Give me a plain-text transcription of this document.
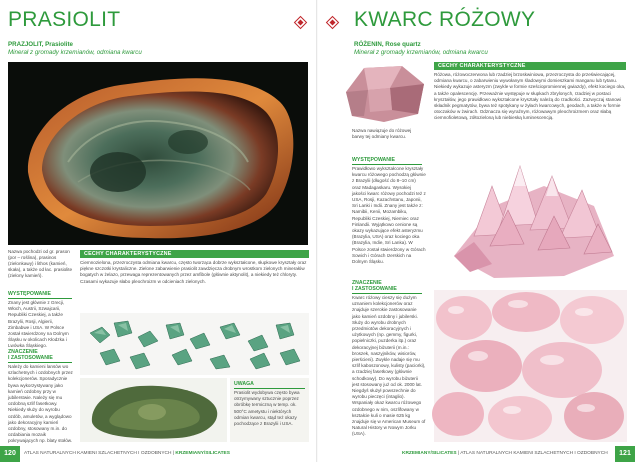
PRASIOLIT
PRAZJOLIT, Prasiolite
Minerał z gromady krzemianów, odmiana kwarcu
Nazwa pochodzi od gr. prason (por – roślina), prasinos (zielonkawy) i lithos (kamień, skała), a także od łac. prasiolite (zielony kamień).
WYSTĘPOWANIE
Znany jest głównie z Grecji, Włoch, Austrii, Szwajcarii, Republiki Czeskiej, a także Brazylii, Rosji, Algierii, Zimbabwe i USA. W Polsce został stwierdzony na Dolnym Śląsku w okolicach Kłodzka i Lwówka Śląskiego.
ZNACZENIE
I ZASTOSOWANIE
Należy do kamieni lansów wo szlachetnych i ozdobnych przez kolekcjonerów. Sporadycznie bywa wykorzystywany jako kamień ozdobny przy w jubilerstwie. Należy się mu ozdobną szlif fasetkowy. Niekiedy służy do wyrobu ozdób, amuletów, a wyglądowo jako dekoracyjny kamień ozdobny, stosowany m.in. do ozdabiania mozaik pokrywających np. blaty stołów.
CECHY CHARAKTERYSTYCZNE
Ciemnozielona, przezroczysta odmiana kwarcu, często tworząca dobrze wykształcone, słupkowe kryształy oraz piękne szczotki krystaliczne. Zielone zabarwienie prasiolit zawdzięcza drobnym wrostkom zielonych minerałów bogatych w żelazo, przewaga reprezentowanych przez amfibole (głównie aktynolit), a niekiedy też chloryty. Czasami wykazuje słabo pleochroizm w odcieniach zielonych.
UWAGA
Prasiolit wydobywa często bywa otrzymywany sztucznie poprzez obróbkę termiczną w temp. ok. 500°C ametystu i niektórych odmian kwarcu, stąd też okazy pochodzące z Brazylii i USA.
120	ATLAS NATURALNYCH KAMIENI SZLACHETNYCH I OZDOBNYCH | KRZEMIANY/SILICATES
KWARC RÓŻOWY
RÓŻENIN, Rose quartz
Minerał z gromady krzemianów, odmiana kwarcu
Nazwa nawiązuje do różowej barwy tej odmiany kwarcu.
CECHY CHARAKTERYSTYCZNE
Różowa, różowoczerwona lub rzadziej brzoskwiniowa, przezroczysta do przeświecającej, odmiana kwarcu, o zabarwieniu wywołanym śladowymi domieszkami manganu lub tytanu. Niekiedy wykazuje asteryzm (zwykle w formie sześciopromiennej gwiazdy), efekt kociego oka, a także opalescencję. Przeważnie występuje w słupkach zbrylonych, rzadziej w postaci kryształów, jego prawidłowo wykształcone kryształy należą do rzadkości. Zazwyczaj stanowi składnik pegmatytów, bywa też spotykany w żyłach kwarcowych, geodach, a także w formie otoczaków w żwirach. Odznacza się wyraźnym, różowawym pleochroizmem oraz słabą ciemnofioletową, zółtozieloną lub niebieską luminescencją.
WYSTĘPOWANIE
Prawidłowo wykształcone kryształy kwarcu różowego pochodzą głównie z Brazylii (długość do 8–10 cm) oraz Madagaskaru. Wysokiej jakości kwarc różowy pochodzi też z USA, Rosji, Kazachstanu, Japonii, Sri Lanki i Indii. Znany jest także z: Namibii, Kenii, Mozambiku, Republiki Czeskiej, Niemiec oraz Finlandii. Wyjątkowo cenione są okazy wykazujące efekt asteryzmu (Brazylia, USA) oraz kociego oka (Brazylia, Indie, Sri Lanka). W Polsce został stwierdzony w Górach Sowich i Górach Izerskich na Dolnym Śląsku.
ZNACZENIE
I ZASTOSOWANIE
Kwarc różowy cieszy się dużym uznaniem kolekcjonerów oraz znajduje szerokie zastosowanie jako kamień ozdobny i jubilerski. Służy do wyrobu drobnych przedmiotów dekoracyjnych i użytkowych (np. gemmy, figurki, popielniczki, puzderka itp.) oraz dekoracyjnej biżuterii (m.in.: broszek, naszyjników, wisiorów, pierścieni). Zwykle nadaje się mu szlif kaboszonowy, kulisty (paciorki), a rzadziej fasetkowy (głównie schodkowy). Do wyrobu biżuterii jest stosowany już od ok. 2000 lat. Niegdyś służył powszechnie do wyrobu pieczęci (intaglio). Wspaniały okaz kwarcu różowego ozdobnego w nim, oszlifowany w kształcie kuli o masie 625 kg znajduje się w American Museum of Natural History w Nowym Jorku (USA).
KRZEMIANY/SILICATES | ATLAS NATURALNYCH KAMIENI SZLACHETNYCH I OZDOBNYCH	121
